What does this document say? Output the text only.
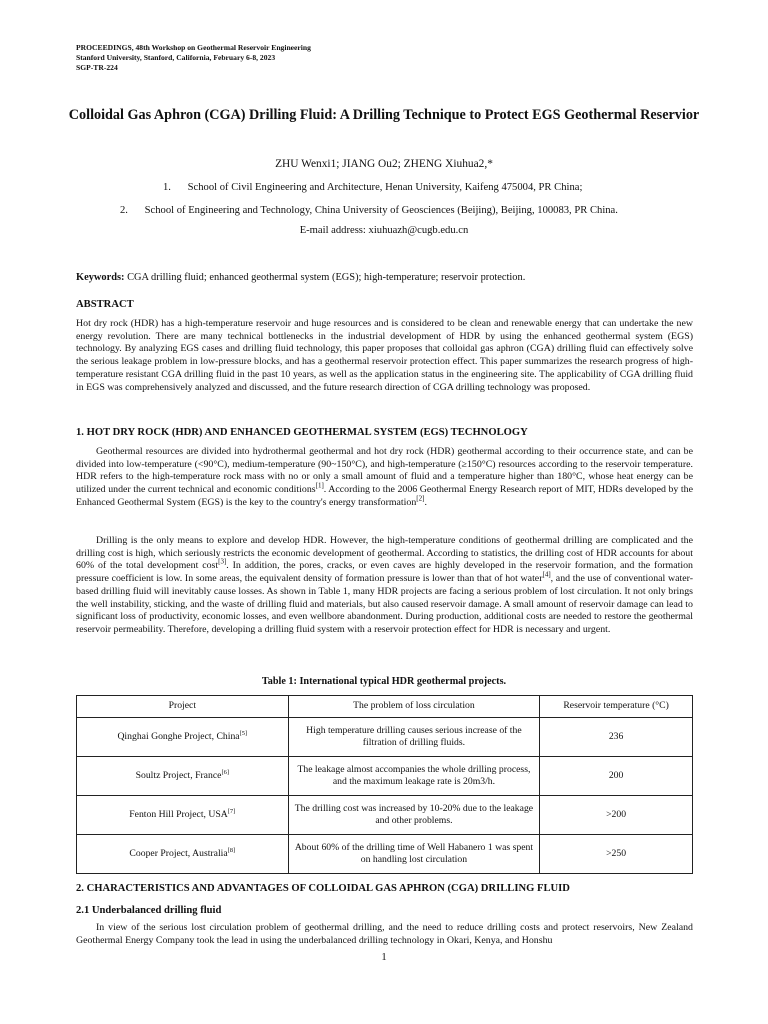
PROCEEDINGS, 48th Workshop on Geothermal Reservoir Engineering
Stanford University, Stanford, California, February 6-8, 2023
SGP-TR-224
Colloidal Gas Aphron (CGA) Drilling Fluid: A Drilling Technique to Protect EGS Geothermal Reservior
ZHU Wenxi1; JIANG Ou2; ZHENG Xiuhua2,*
1. School of Civil Engineering and Architecture, Henan University, Kaifeng 475004, PR China;
2. School of Engineering and Technology, China University of Geosciences (Beijing), Beijing, 100083, PR China.
E-mail address: xiuhuazh@cugb.edu.cn
Keywords: CGA drilling fluid; enhanced geothermal system (EGS); high-temperature; reservoir protection.
ABSTRACT

Hot dry rock (HDR) has a high-temperature reservoir and huge resources and is considered to be clean and renewable energy that can undertake the new energy revolution. There are many technical bottlenecks in the industrial development of HDR by using the enhanced geothermal system (EGS) technology. By analyzing EGS cases and drilling fluid technology, this paper proposes that colloidal gas aphron (CGA) drilling fluid can effectively solve the serious leakage problem in low-pressure blocks, and has a geothermal reservoir protection effect. This paper summarizes the research progress of high-temperature resistant CGA drilling fluid in the past 10 years, as well as the application status in the engineering site. The applicability of CGA drilling fluid in EGS was comprehensively analyzed and discussed, and the future research direction of CGA drilling technology was proposed.

1. HOT DRY ROCK (HDR) AND ENHANCED GEOTHERMAL SYSTEM (EGS) TECHNOLOGY

Geothermal resources are divided into hydrothermal geothermal and hot dry rock (HDR) geothermal according to their occurrence state, and can be divided into low-temperature (<90°C), medium-temperature (90~150°C), and high-temperature (≥150°C) resources according to the reservoir temperature. HDR refers to the high-temperature rock mass with no or only a small amount of fluid and a temperature higher than 180°C, whose heat energy can be utilized under the current technical and economic conditions[1]. According to the 2006 Geothermal Energy Research report of MIT, HDRs developed by the Enhanced Geothermal System (EGS) is the key to the country's energy transformation[2].

Drilling is the only means to explore and develop HDR. However, the high-temperature conditions of geothermal drilling are complicated and the drilling cost is high, which seriously restricts the economic development of geothermal. According to statistics, the drilling cost of HDR accounts for about 60% of the total development cost[3]. In addition, the pores, cracks, or even caves are highly developed in the reservoir formation, and the formation pressure coefficient is low. In some areas, the equivalent density of formation pressure is lower than that of hot water[4], and the use of conventional water-based drilling fluid will inevitably cause losses. As shown in Table 1, many HDR projects are facing a serious problem of lost circulation. It not only brings the well instability, sticking, and the waste of drilling fluid and materials, but also caused reservoir damage. A small amount of reservoir damage can lead to significant loss of productivity, economic losses, and even wellbore abandonment. During production, additional costs are needed to restore the geothermal reservoir permeability. Therefore, developing a drilling fluid system with a reservoir protection effect for HDR is necessary and urgent.

Table 1: International typical HDR geothermal projects.
Project	The problem of loss circulation	Reservoir temperature (°C)
Qinghai Gonghe Project, China[5]	High temperature drilling causes serious increase of the filtration of drilling fluids.	236
Soultz Project, France[6]	The leakage almost accompanies the whole drilling process, and the maximum leakage rate is 20m3/h.	200
Fenton Hill Project, USA[7]	The drilling cost was increased by 10-20% due to the leakage and other problems.	>200
Cooper Project, Australia[8]	About 60% of the drilling time of Well Habanero 1 was spent on handling lost circulation	>250
2. CHARACTERISTICS AND ADVANTAGES OF COLLOIDAL GAS APHRON (CGA) DRILLING FLUID
2.1 Underbalanced drilling fluid

In view of the serious lost circulation problem of geothermal drilling, and the need to reduce drilling costs and protect reservoirs, New Zealand Geothermal Energy Company took the lead in using the underbalanced drilling technology in Okari, Kenya, and Honshu

1
